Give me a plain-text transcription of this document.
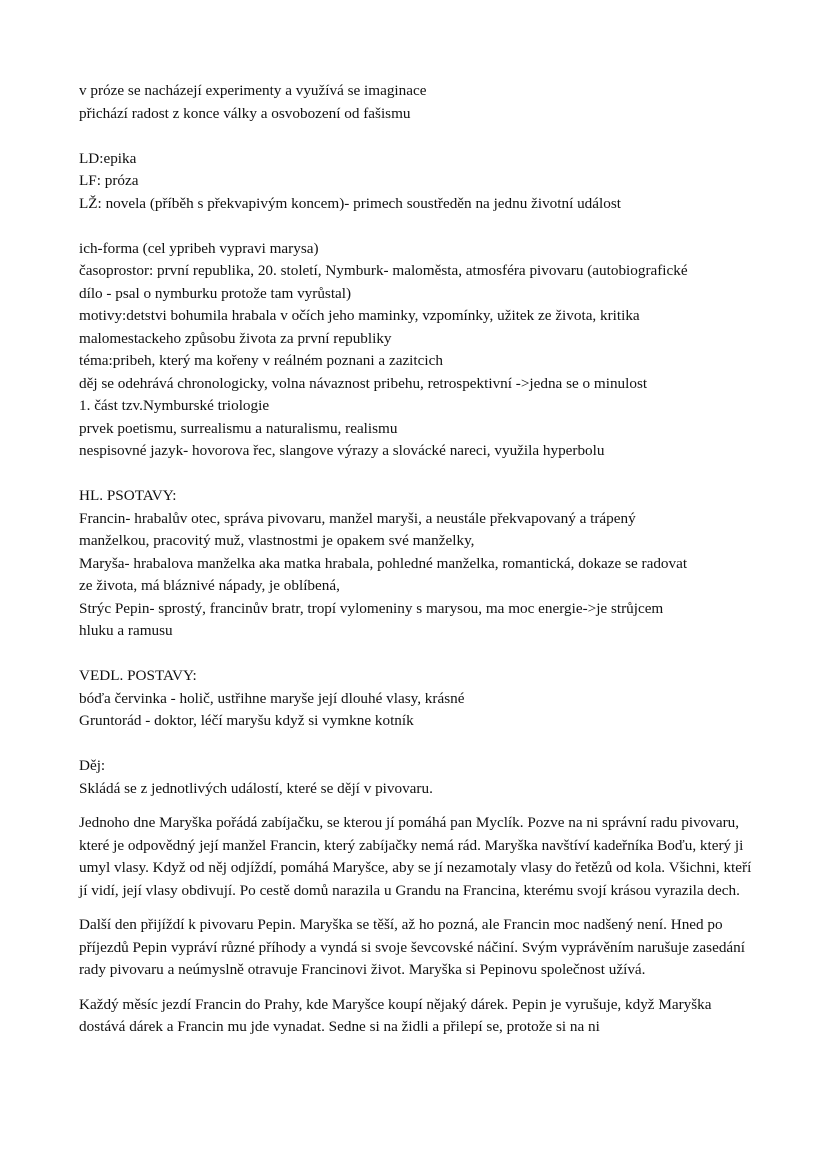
v próze se nacházejí experimenty a využívá se imaginace
přichází radost z konce války a osvobození od fašismu
LD:epika
LF: próza
LŽ: novela (příběh s překvapivým koncem)- primech soustředěn na jednu životní událost
ich-forma (cel ypribeh vypravi marysa)
časoprostor: první republika, 20. století, Nymburk- maloměsta, atmosféra pivovaru (autobiografické
dílo - psal o nymburku protože tam vyrůstal)
motivy:detstvi bohumila hrabala v očích jeho maminky, vzpomínky, užitek ze života, kritika
malomestackeho způsobu života za první republiky
téma:pribeh, který ma kořeny v reálném poznani a zazitcich
děj se odehrává chronologicky, volna návaznost pribehu, retrospektivní ->jedna se o minulost
1. část tzv.Nymburské triologie
prvek poetismu, surrealismu a naturalismu, realismu
nespisovné jazyk- hovorova řec, slangove výrazy a slovácké nareci, využila hyperbolu
HL. PSOTAVY:
Francin- hrabalův otec, správa pivovaru, manžel maryši, a neustále překvapovaný a trápený
manželkou, pracovitý muž, vlastnostmi je opakem své manželky,
Maryša- hrabalova manželka aka matka hrabala, pohledné manželka, romantická, dokaze se radovat
ze života, má bláznivé nápady, je oblíbená,
Strýc Pepin- sprostý, francinův bratr, tropí vylomeniny s marysou, ma moc energie->je strůjcem
hluku a ramusu
VEDL. POSTAVY:
bóďa červinka - holič, ustřihne maryše její dlouhé vlasy, krásné
Gruntorád - doktor, léčí maryšu když si vymkne kotník
Děj:
Skládá se z jednotlivých událostí, které se dějí v pivovaru.

Jednoho dne Maryška pořádá zabíjačku, se kterou jí pomáhá pan Myclík. Pozve na ni správní radu pivovaru, které je odpovědný její manžel Francin, který zabíjačky nemá rád. Maryška navštíví kadeřníka Boďu, který ji umyl vlasy. Když od něj odjíždí, pomáhá Maryšce, aby se jí nezamotaly vlasy do řetězů od kola. Všichni, kteří jí vidí, její vlasy obdivují. Po cestě domů narazila u Grandu na Francina, kterému svojí krásou vyrazila dech.

Další den přijíždí k pivovaru Pepin. Maryška se těší, až ho pozná, ale Francin moc nadšený není. Hned po příjezdů Pepin vypráví různé příhody a vyndá si svoje ševcovské náčiní. Svým vyprávěním narušuje zasedání rady pivovaru a neúmyslně otravuje Francinovi život. Maryška si Pepinovu společnost užívá.

Každý měsíc jezdí Francin do Prahy, kde Maryšce koupí nějaký dárek. Pepin je vyrušuje, když Maryška dostává dárek a Francin mu jde vynadat. Sedne si na židli a přilepí se, protože si na ni
